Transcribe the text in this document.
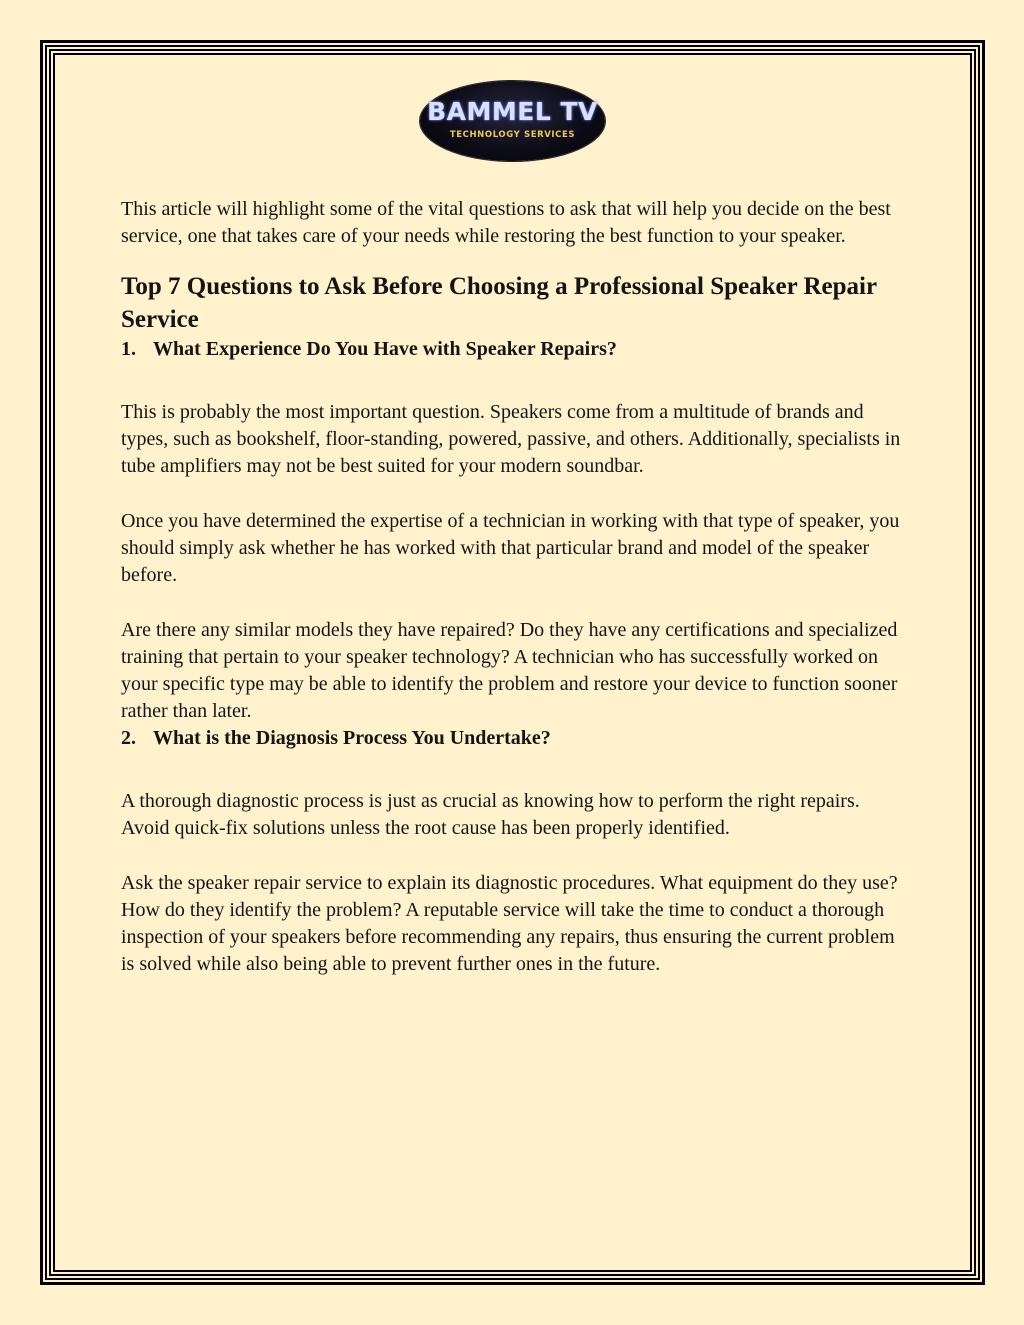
BAMMEL TV
TECHNOLOGY SERVICES

This article will highlight some of the vital questions to ask that will help you decide on the best service, one that takes care of your needs while restoring the best function to your speaker.

Top 7 Questions to Ask Before Choosing a Professional Speaker Repair Service
1. What Experience Do You Have with Speaker Repairs?

This is probably the most important question. Speakers come from a multitude of brands and types, such as bookshelf, floor-standing, powered, passive, and others. Additionally, specialists in tube amplifiers may not be best suited for your modern soundbar.

Once you have determined the expertise of a technician in working with that type of speaker, you should simply ask whether he has worked with that particular brand and model of the speaker before.

Are there any similar models they have repaired? Do they have any certifications and specialized training that pertain to your speaker technology? A technician who has successfully worked on your specific type may be able to identify the problem and restore your device to function sooner rather than later.

2. What is the Diagnosis Process You Undertake?

A thorough diagnostic process is just as crucial as knowing how to perform the right repairs. Avoid quick-fix solutions unless the root cause has been properly identified.

Ask the speaker repair service to explain its diagnostic procedures. What equipment do they use? How do they identify the problem? A reputable service will take the time to conduct a thorough inspection of your speakers before recommending any repairs, thus ensuring the current problem is solved while also being able to prevent further ones in the future.
